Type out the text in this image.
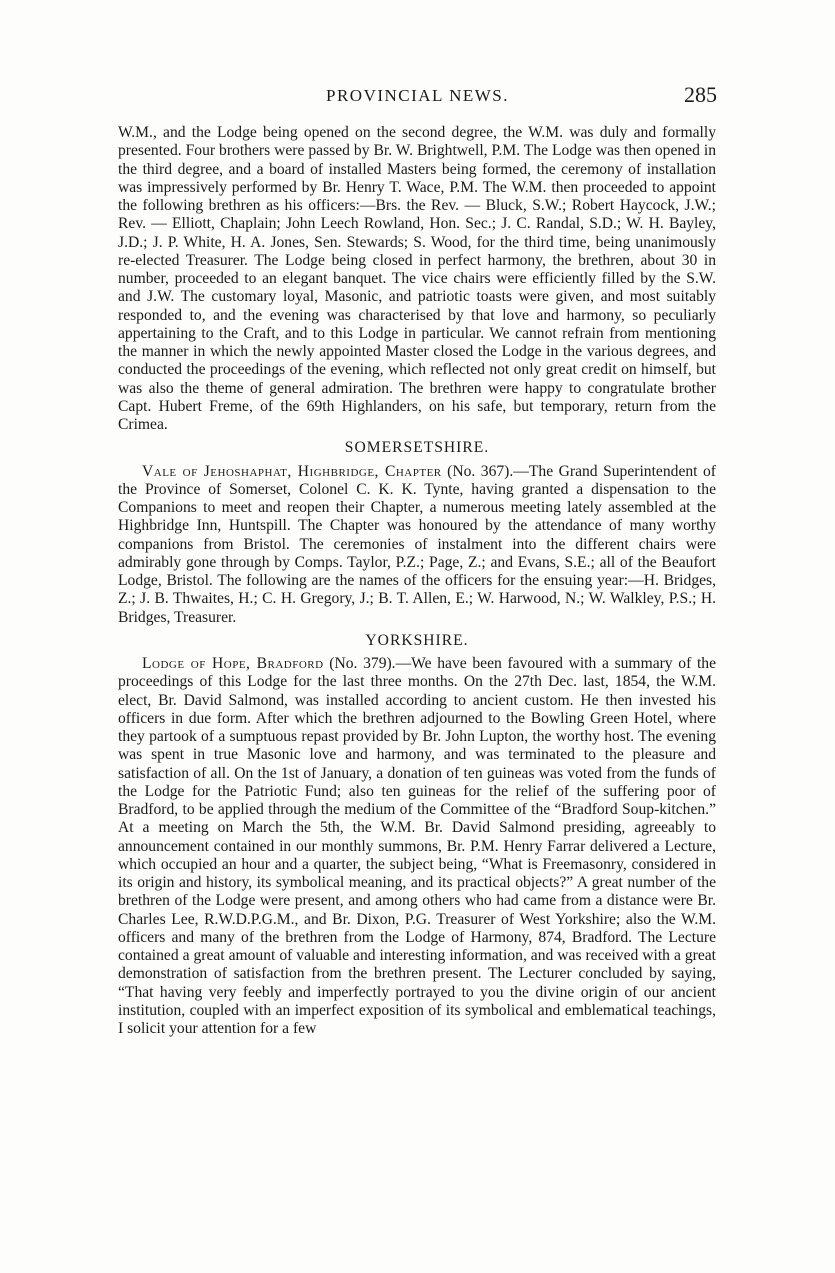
PROVINCIAL NEWS.	285

W.M., and the Lodge being opened on the second degree, the W.M. was duly and formally presented. Four brothers were passed by Br. W. Brightwell, P.M. The Lodge was then opened in the third degree, and a board of installed Masters being formed, the ceremony of installation was impressively performed by Br. Henry T. Wace, P.M. The W.M. then proceeded to appoint the following brethren as his officers:—Brs. the Rev. — Bluck, S.W.; Robert Haycock, J.W.; Rev. — Elliott, Chaplain; John Leech Rowland, Hon. Sec.; J. C. Randal, S.D.; W. H. Bayley, J.D.; J. P. White, H. A. Jones, Sen. Stewards; S. Wood, for the third time, being unanimously re-elected Treasurer. The Lodge being closed in perfect harmony, the brethren, about 30 in number, proceeded to an elegant banquet. The vice chairs were efficiently filled by the S.W. and J.W. The customary loyal, Masonic, and patriotic toasts were given, and most suitably responded to, and the evening was characterised by that love and harmony, so peculiarly appertaining to the Craft, and to this Lodge in particular. We cannot refrain from mentioning the manner in which the newly appointed Master closed the Lodge in the various degrees, and conducted the proceedings of the evening, which reflected not only great credit on himself, but was also the theme of general admiration. The brethren were happy to congratulate brother Capt. Hubert Freme, of the 69th Highlanders, on his safe, but temporary, return from the Crimea.

SOMERSETSHIRE.

Vale of Jehoshaphat, Highbridge, Chapter (No. 367).—The Grand Superintendent of the Province of Somerset, Colonel C. K. K. Tynte, having granted a dispensation to the Companions to meet and reopen their Chapter, a numerous meeting lately assembled at the Highbridge Inn, Huntspill. The Chapter was honoured by the attendance of many worthy companions from Bristol. The ceremonies of instalment into the different chairs were admirably gone through by Comps. Taylor, P.Z.; Page, Z.; and Evans, S.E.; all of the Beaufort Lodge, Bristol. The following are the names of the officers for the ensuing year:—H. Bridges, Z.; J. B. Thwaites, H.; C. H. Gregory, J.; B. T. Allen, E.; W. Harwood, N.; W. Walkley, P.S.; H. Bridges, Treasurer.

YORKSHIRE.

Lodge of Hope, Bradford (No. 379).—We have been favoured with a summary of the proceedings of this Lodge for the last three months. On the 27th Dec. last, 1854, the W.M. elect, Br. David Salmond, was installed according to ancient custom. He then invested his officers in due form. After which the brethren adjourned to the Bowling Green Hotel, where they partook of a sumptuous repast provided by Br. John Lupton, the worthy host. The evening was spent in true Masonic love and harmony, and was terminated to the pleasure and satisfaction of all. On the 1st of January, a donation of ten guineas was voted from the funds of the Lodge for the Patriotic Fund; also ten guineas for the relief of the suffering poor of Bradford, to be applied through the medium of the Committee of the “Bradford Soup-kitchen.” At a meeting on March the 5th, the W.M. Br. David Salmond presiding, agreeably to announcement contained in our monthly summons, Br. P.M. Henry Farrar delivered a Lecture, which occupied an hour and a quarter, the subject being, “What is Freemasonry, considered in its origin and history, its symbolical meaning, and its practical objects?” A great number of the brethren of the Lodge were present, and among others who had came from a distance were Br. Charles Lee, R.W.D.P.G.M., and Br. Dixon, P.G. Treasurer of West Yorkshire; also the W.M. officers and many of the brethren from the Lodge of Harmony, 874, Bradford. The Lecture contained a great amount of valuable and interesting information, and was received with a great demonstration of satisfaction from the brethren present. The Lecturer concluded by saying, “That having very feebly and imperfectly portrayed to you the divine origin of our ancient institution, coupled with an imperfect exposition of its symbolical and emblematical teachings, I solicit your attention for a few
